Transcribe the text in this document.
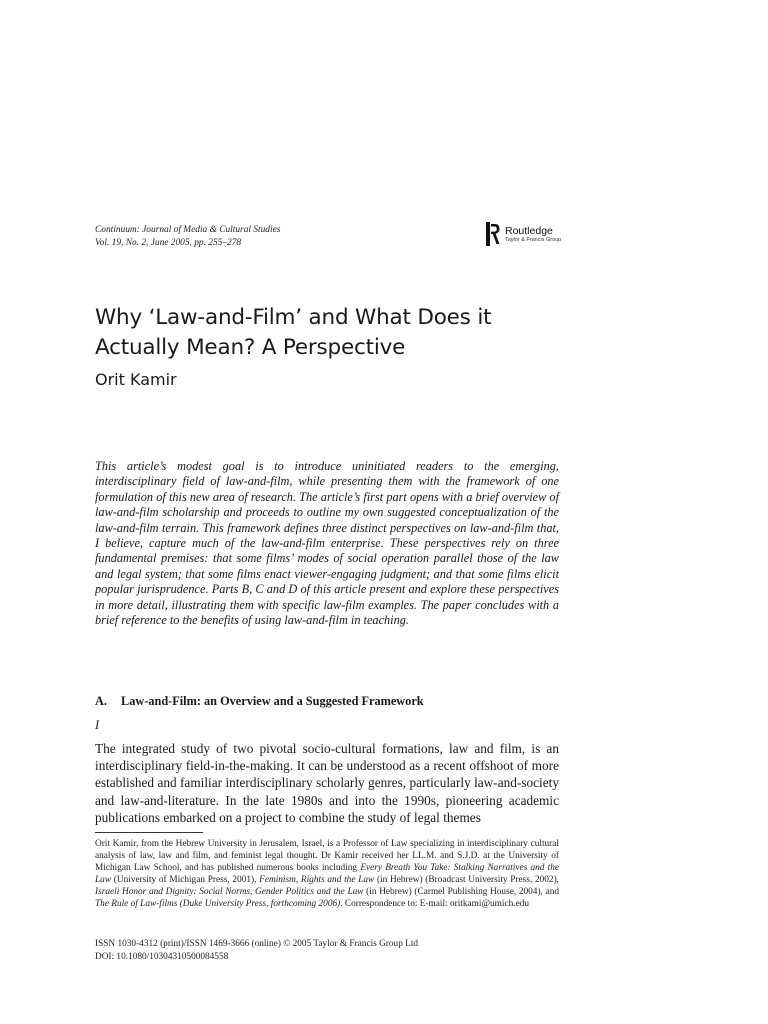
Continuum: Journal of Media & Cultural Studies
Vol. 19, No. 2, June 2005, pp. 255–278
Routledge
Taylor & Francis Group
Why ‘Law-and-Film’ and What Does it Actually Mean? A Perspective
Orit Kamir

This article’s modest goal is to introduce uninitiated readers to the emerging, interdisciplinary field of law-and-film, while presenting them with the framework of one formulation of this new area of research. The article’s first part opens with a brief overview of law-and-film scholarship and proceeds to outline my own suggested conceptualization of the law-and-film terrain. This framework defines three distinct perspectives on law-and-film that, I believe, capture much of the law-and-film enterprise. These perspectives rely on three fundamental premises: that some films’ modes of social operation parallel those of the law and legal system; that some films enact viewer-engaging judgment; and that some films elicit popular jurisprudence. Parts B, C and D of this article present and explore these perspectives in more detail, illustrating them with specific law-film examples. The paper concludes with a brief reference to the benefits of using law-and-film in teaching.

A. Law-and-Film: an Overview and a Suggested Framework
I

The integrated study of two pivotal socio-cultural formations, law and film, is an interdisciplinary field-in-the-making. It can be understood as a recent offshoot of more established and familiar interdisciplinary scholarly genres, particularly law-and-society and law-and-literature. In the late 1980s and into the 1990s, pioneering academic publications embarked on a project to combine the study of legal themes

Orit Kamir, from the Hebrew University in Jerusalem, Israel, is a Professor of Law specializing in interdisciplinary cultural analysis of law, law and film, and feminist legal thought. Dr Kamir received her LL.M. and S.J.D. at the University of Michigan Law School, and has published numerous books including Every Breath You Take: Stalking Narratives and the Law (University of Michigan Press, 2001), Feminism, Rights and the Law (in Hebrew) (Broadcast University Press, 2002), Israeli Honor and Dignity: Social Norms, Gender Politics and the Law (in Hebrew) (Carmel Publishing House, 2004), and The Rule of Law-films (Duke University Press, forthcoming 2006). Correspondence to: E-mail: oritkami@umich.edu

ISSN 1030-4312 (print)/ISSN 1469-3666 (online) © 2005 Taylor & Francis Group Ltd
DOI: 10.1080/10304310500084558
